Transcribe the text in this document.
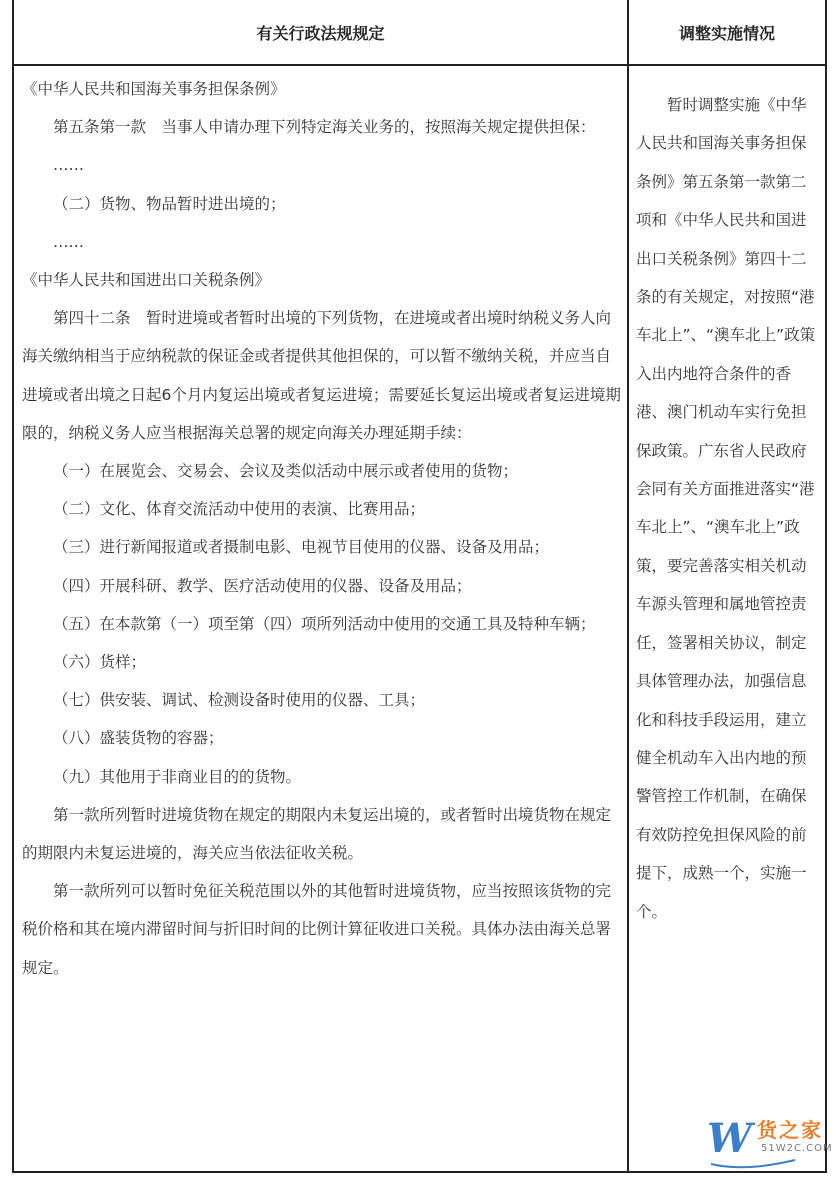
有关行政法规规定	调整实施情况

《中华人民共和国海关事务担保条例》

第五条第一款　当事人申请办理下列特定海关业务的，按照海关规定提供担保：

……

（二）货物、物品暂时进出境的；

……

《中华人民共和国进出口关税条例》

第四十二条　暂时进境或者暂时出境的下列货物，在进境或者出境时纳税义务人向海关缴纳相当于应纳税款的保证金或者提供其他担保的，可以暂不缴纳关税，并应当自进境或者出境之日起6个月内复运出境或者复运进境；需要延长复运出境或者复运进境期限的，纳税义务人应当根据海关总署的规定向海关办理延期手续：

（一）在展览会、交易会、会议及类似活动中展示或者使用的货物；

（二）文化、体育交流活动中使用的表演、比赛用品；

（三）进行新闻报道或者摄制电影、电视节目使用的仪器、设备及用品；

（四）开展科研、教学、医疗活动使用的仪器、设备及用品；

（五）在本款第（一）项至第（四）项所列活动中使用的交通工具及特种车辆；

（六）货样；

（七）供安装、调试、检测设备时使用的仪器、工具；

（八）盛装货物的容器；

（九）其他用于非商业目的的货物。

第一款所列暂时进境货物在规定的期限内未复运出境的，或者暂时出境货物在规定的期限内未复运进境的，海关应当依法征收关税。

第一款所列可以暂时免征关税范围以外的其他暂时进境货物，应当按照该货物的完税价格和其在境内滞留时间与折旧时间的比例计算征收进口关税。具体办法由海关总署规定。

暂时调整实施《中华人民共和国海关事务担保条例》第五条第一款第二项和《中华人民共和国进出口关税条例》第四十二条的有关规定，对按照“港车北上”、“澳车北上”政策入出内地符合条件的香港、澳门机动车实行免担保政策。广东省人民政府会同有关方面推进落实“港车北上”、“澳车北上”政策，要完善落实相关机动车源头管理和属地管控责任，签署相关协议，制定具体管理办法，加强信息化和科技手段运用，建立健全机动车入出内地的预警管控工作机制，在确保有效防控免担保风险的前提下，成熟一个，实施一个。

W 货之家
51W2C.COM
